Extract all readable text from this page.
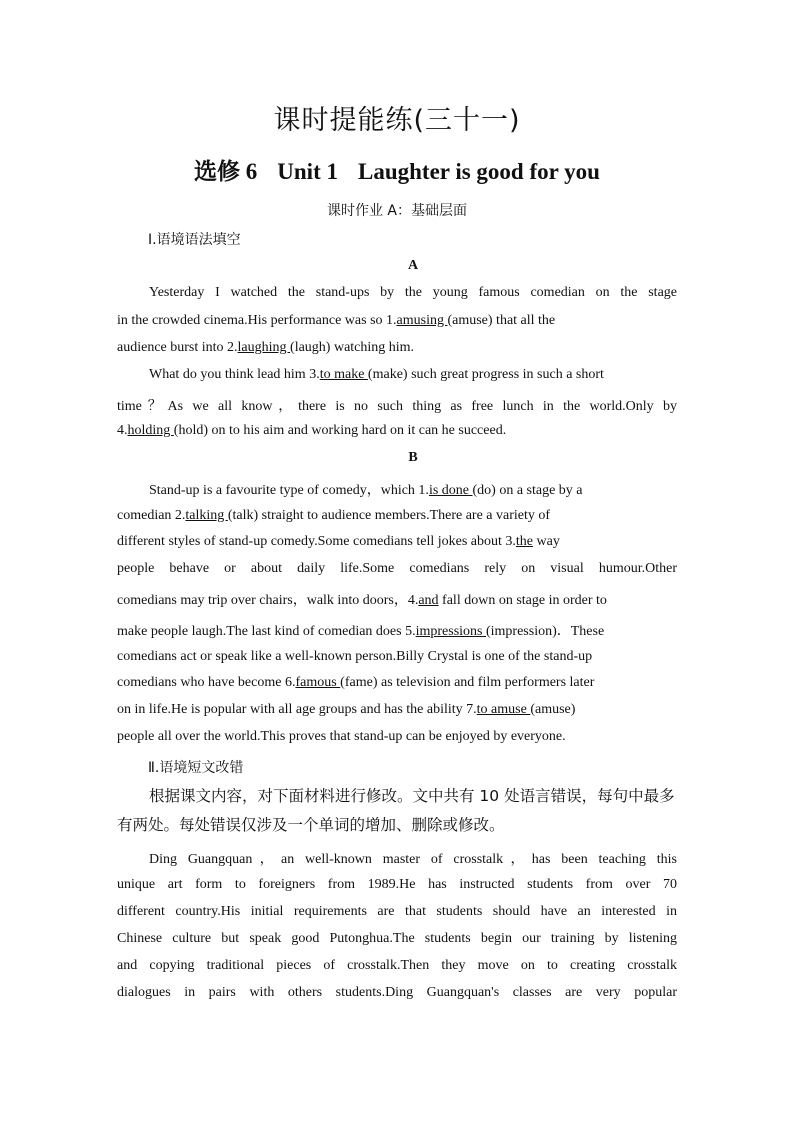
课时提能练(三十一)
选修 6 Unit 1 Laughter is good for you
课时作业 A：基础层面
Ⅰ.语境语法填空
A
Yesterday I watched the stand-ups by the young famous comedian on the stage
in the crowded cinema.His performance was so 1.amusing (amuse) that all the
audience burst into 2.laughing (laugh) watching him.
What do you think lead him 3.to make (make) such great progress in such a short
time？As we all know，there is no such thing as free lunch in the world.Only by
4.holding (hold) on to his aim and working hard on it can he succeed.
B
Stand-up is a favourite type of comedy，which 1.is done (do) on a stage by a
comedian 2.talking (talk) straight to audience members.There are a variety of
different styles of stand-up comedy.Some comedians tell jokes about 3.the way
people behave or about daily life.Some comedians rely on visual humour.Other
comedians may trip over chairs，walk into doors，4.and fall down on stage in order to
make people laugh.The last kind of comedian does 5.impressions (impression)．These
comedians act or speak like a well-known person.Billy Crystal is one of the stand-up
comedians who have become 6.famous (fame) as television and film performers later
on in life.He is popular with all age groups and has the ability 7.to amuse (amuse)
people all over the world.This proves that stand-up can be enjoyed by everyone.
Ⅱ.语境短文改错
根据课文内容，对下面材料进行修改。文中共有 10 处语言错误，每句中最多
有两处。每处错误仅涉及一个单词的增加、删除或修改。
Ding Guangquan，an well-known master of crosstalk，has been teaching this
unique art form to foreigners from 1989.He has instructed students from over 70
different country.His initial requirements are that students should have an interested in
Chinese culture but speak good Putonghua.The students begin our training by listening
and copying traditional pieces of crosstalk.Then they move on to creating crosstalk
dialogues in pairs with others students.Ding Guangquan's classes are very popular
